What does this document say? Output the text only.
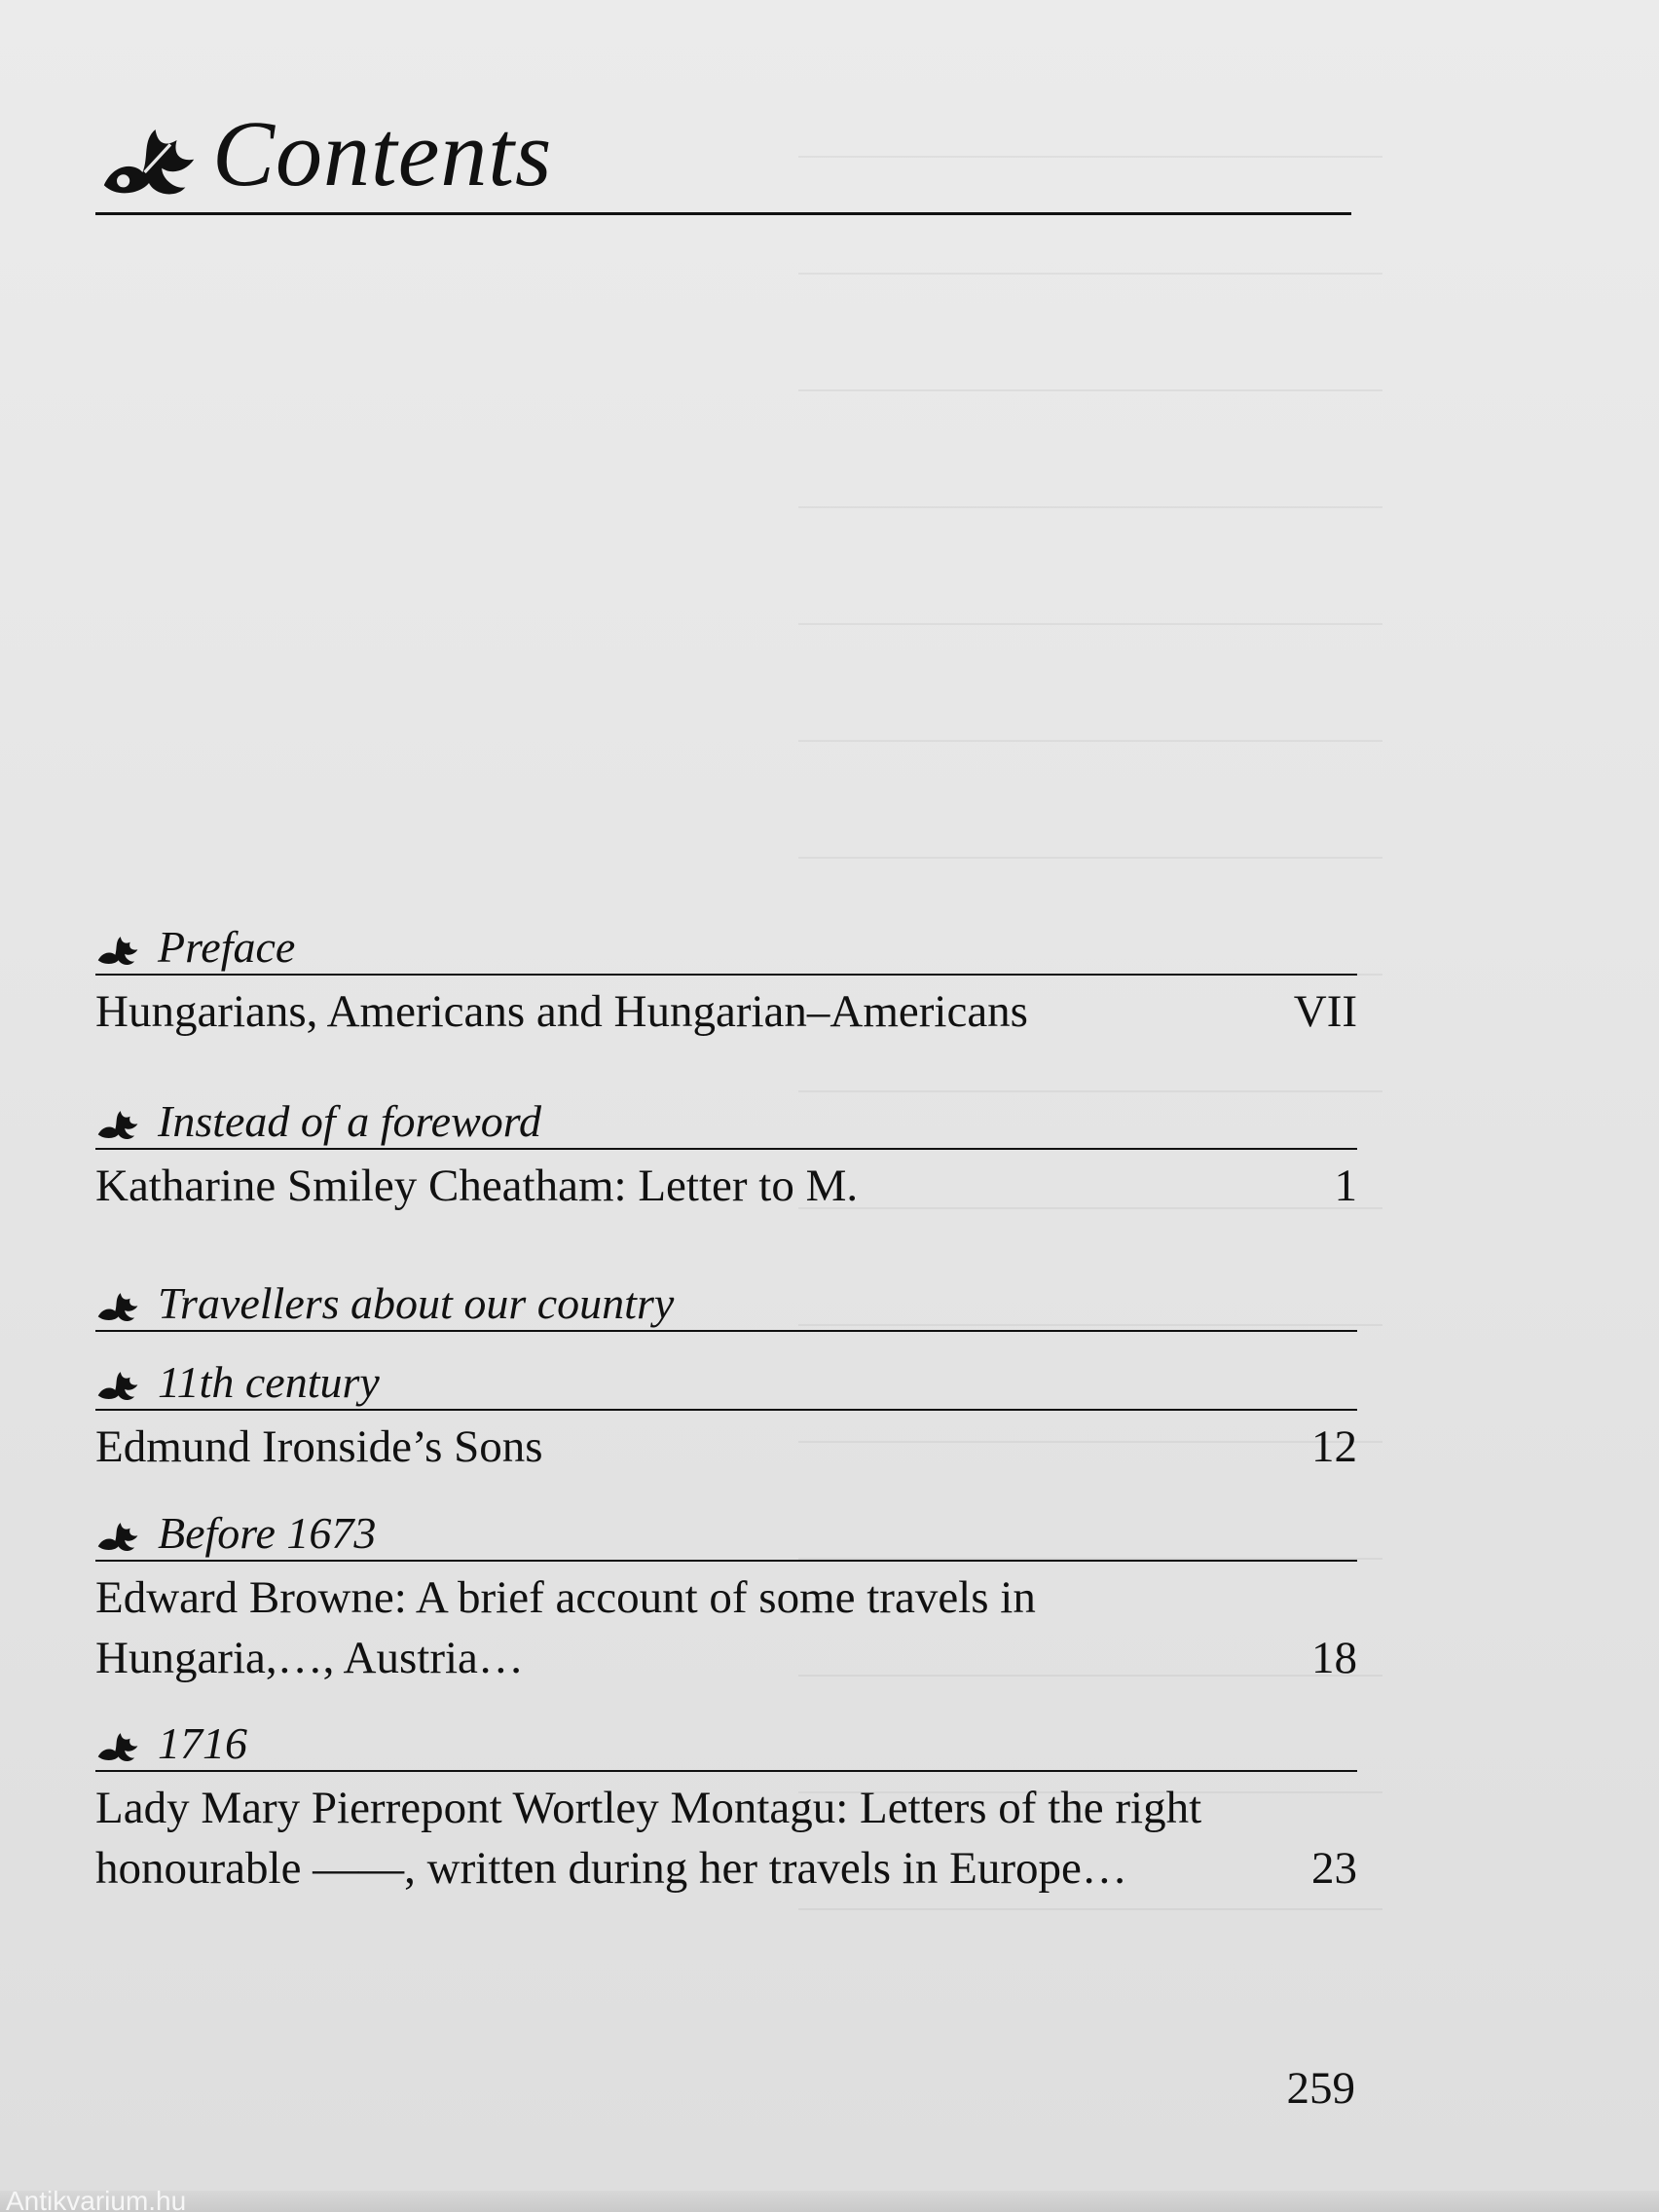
Contents
Preface
Hungarians, Americans and Hungarian–Americans	VII
Instead of a foreword
Katharine Smiley Cheatham: Letter to M.	1
Travellers about our country
11th century
Edmund Ironside’s Sons	12
Before 1673
Edward Browne: A brief account of some travels in Hungaria,…, Austria…	18
1716
Lady Mary Pierrepont Wortley Montagu: Letters of the right honourable ——, written during her travels in Europe…	23
259
Antikvarium.hu
